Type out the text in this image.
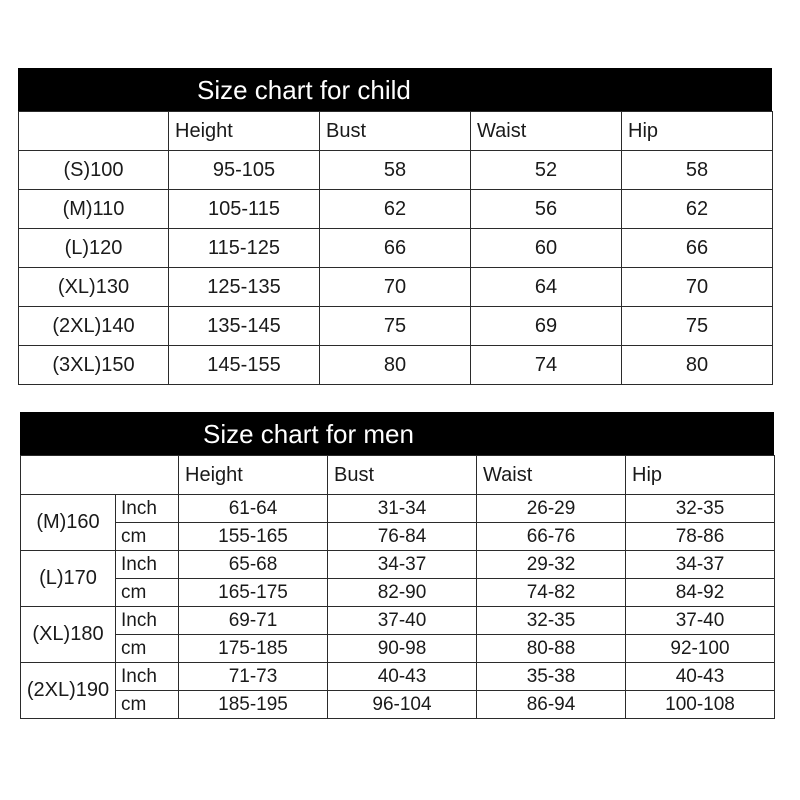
Size chart for child
	Height	Bust	Waist	Hip
(S)100	95-105	58	52	58
(M)110	105-115	62	56	62
(L)120	115-125	66	60	66
(XL)130	125-135	70	64	70
(2XL)140	135-145	75	69	75
(3XL)150	145-155	80	74	80
Size chart for men
		Height	Bust	Waist	Hip
(M)160	Inch	61-64	31-34	26-29	32-35
	cm	155-165	76-84	66-76	78-86
(L)170	Inch	65-68	34-37	29-32	34-37
	cm	165-175	82-90	74-82	84-92
(XL)180	Inch	69-71	37-40	32-35	37-40
	cm	175-185	90-98	80-88	92-100
(2XL)190	Inch	71-73	40-43	35-38	40-43
	cm	185-195	96-104	86-94	100-108
